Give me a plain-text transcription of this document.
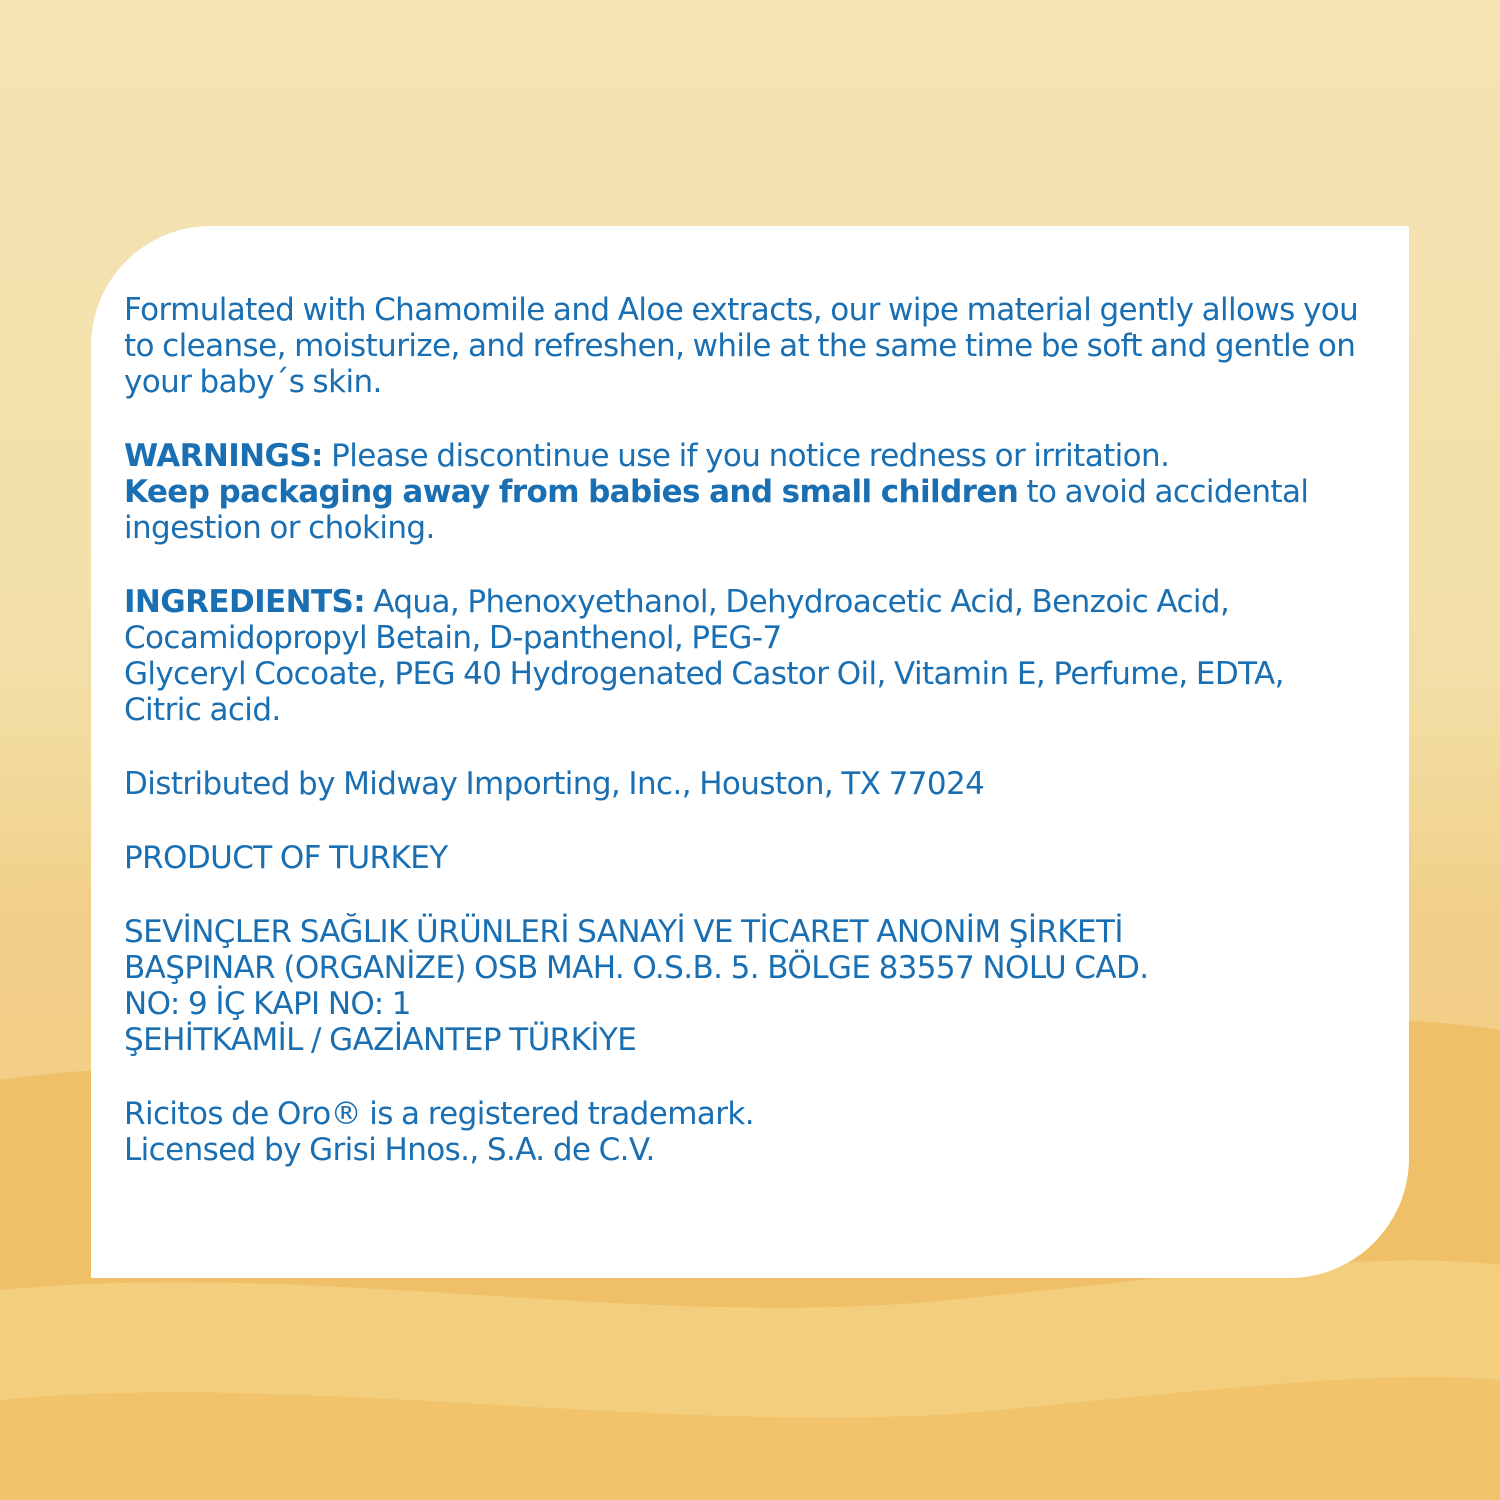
Formulated with Chamomile and Aloe extracts, our wipe material gently allows you to cleanse, moisturize, and refreshen, while at the same time be soft and gentle on your baby´s skin.

WARNINGS: Please discontinue use if you notice redness or irritation.
Keep packaging away from babies and small children to avoid accidental ingestion or choking.

INGREDIENTS: Aqua, Phenoxyethanol, Dehydroacetic Acid, Benzoic Acid, Cocamidopropyl Betain, D-panthenol, PEG-7
Glyceryl Cocoate, PEG 40 Hydrogenated Castor Oil, Vitamin E, Perfume, EDTA, Citric acid.

Distributed by Midway Importing, Inc., Houston, TX 77024

PRODUCT OF TURKEY

SEVİNÇLER SAĞLIK ÜRÜNLERİ SANAYİ VE TİCARET ANONİM ŞİRKETİ
BAŞPINAR (ORGANİZE) OSB MAH. O.S.B. 5. BÖLGE 83557 NOLU CAD.
NO: 9 İÇ KAPI NO: 1
ŞEHİTKAMİL / GAZİANTEP TÜRKİYE

Ricitos de Oro® is a registered trademark.
Licensed by Grisi Hnos., S.A. de C.V.
